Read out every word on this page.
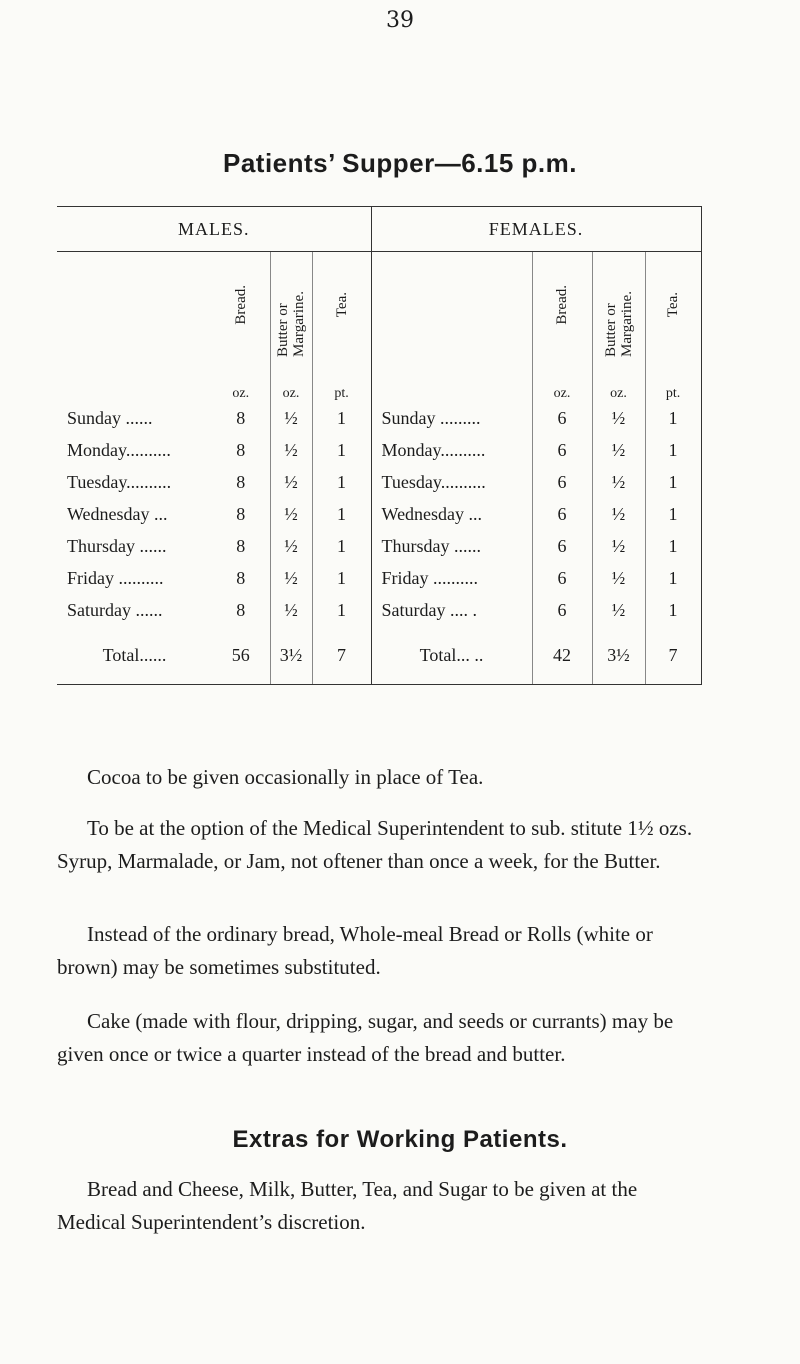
39
Patients’ Supper—6.15 p.m.
MALES.				FEMALES.			
	Bread.	Butter or Margarine.	Tea.		Bread.	Butter or Margarine.	Tea.
	oz.	oz.	pt.		oz.	oz.	pt.
Sunday ......	8	½	1	Sunday .........	6	½	1
Monday..........	8	½	1	Monday..........	6	½	1
Tuesday..........	8	½	1	Tuesday..........	6	½	1
Wednesday ...	8	½	1	Wednesday ...	6	½	1
Thursday ......	8	½	1	Thursday ......	6	½	1
Friday ..........	8	½	1	Friday ..........	6	½	1
Saturday ......	8	½	1	Saturday .... .	6	½	1
Total......	56	3½	7	Total... ..	42	3½	7

Cocoa to be given occasionally in place of Tea.

To be at the option of the Medical Superintendent to sub. stitute 1½ ozs. Syrup, Marmalade, or Jam, not oftener than once a week, for the Butter.

Instead of the ordinary bread, Whole-meal Bread or Rolls (white or brown) may be sometimes substituted.

Cake (made with flour, dripping, sugar, and seeds or currants) may be given once or twice a quarter instead of the bread and butter.

Extras for Working Patients.

Bread and Cheese, Milk, Butter, Tea, and Sugar to be given at the Medical Superintendent’s discretion.
